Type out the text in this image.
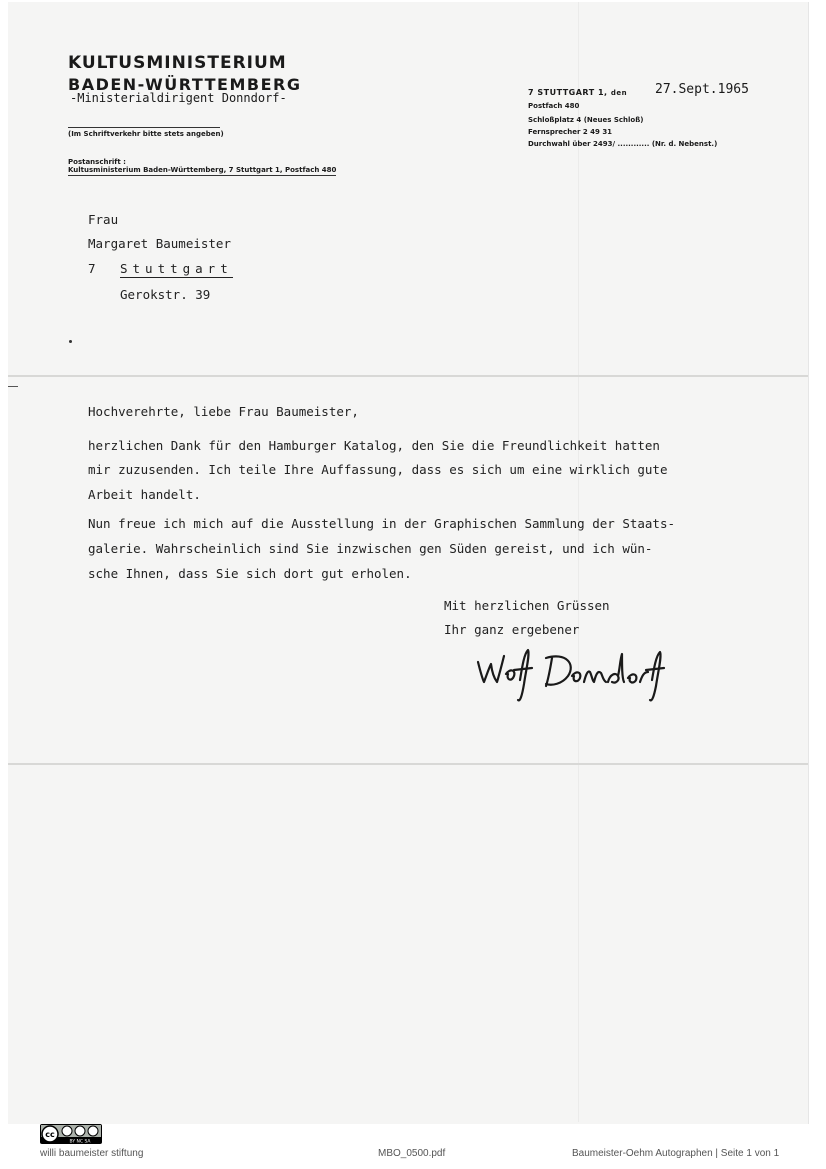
KULTUSMINISTERIUM
BADEN-WÜRTTEMBERG
-Ministerialdirigent Donndorf-
(Im Schriftverkehr bitte stets angeben)
Postanschrift :
Kultusministerium Baden-Württemberg, 7 Stuttgart 1, Postfach 480
7 STUTTGART 1, den 27.Sept.1965
Postfach 480
Schloßplatz 4 (Neues Schloß)
Fernsprecher 2 49 31
Durchwahl über 2493/ ............ (Nr. d. Nebenst.)
Frau
Margaret Baumeister
7 Stuttgart
Gerokstr. 39
Hochverehrte, liebe Frau Baumeister,
herzlichen Dank für den Hamburger Katalog, den Sie die Freundlichkeit hatten
mir zuzusenden. Ich teile Ihre Auffassung, dass es sich um eine wirklich gute
Arbeit handelt.
Nun freue ich mich auf die Ausstellung in der Graphischen Sammlung der Staats-
galerie. Wahrscheinlich sind Sie inzwischen gen Süden gereist, und ich wün-
sche Ihnen, dass Sie sich dort gut erholen.
Mit herzlichen Grüssen
Ihr ganz ergebener
cc
BY NC SA
willi baumeister stiftung	MBO_0500.pdf	Baumeister-Oehm Autographen | Seite 1 von 1
